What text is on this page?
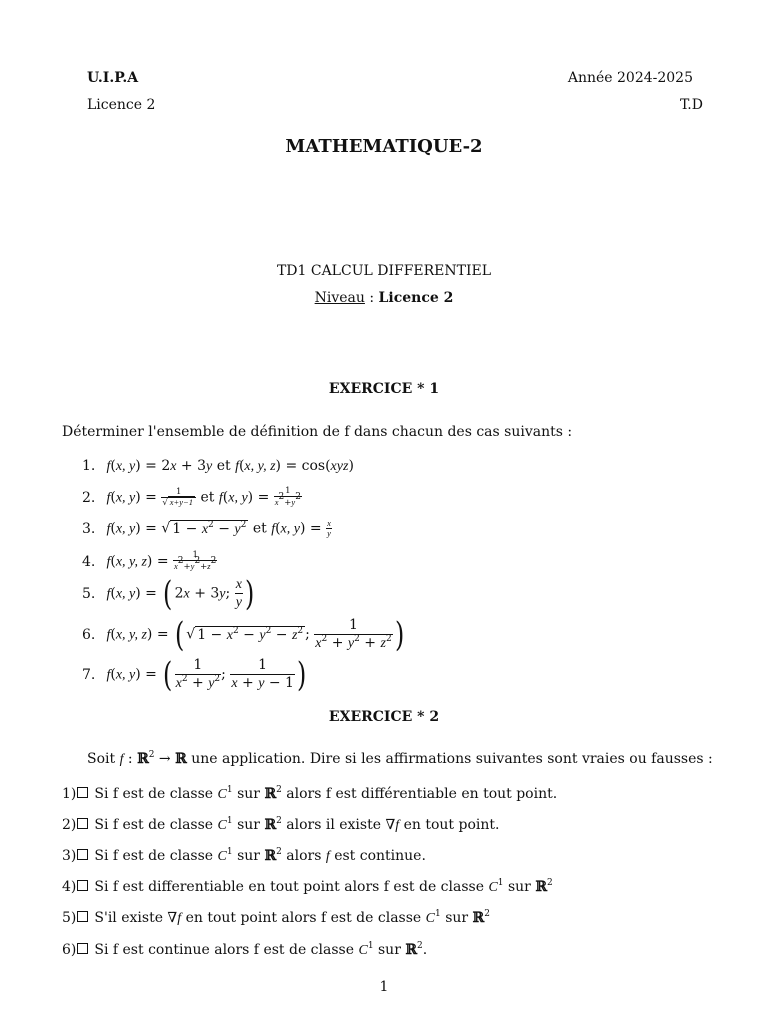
U.I.P.A	Année 2024-2025
Licence 2	T.D
MATHEMATIQUE-2
TD1 CALCUL DIFFERENTIEL
Niveau : Licence 2
EXERCICE * 1
Déterminer l'ensemble de définition de f dans chacun des cas suivants :
1. f(x, y) = 2x + 3y et f(x, y, z) = cos(xyz)
2. f(x, $y) = \frac{1}{√ x+y-1}$ et f(x, $y) = \frac{1}{x^2+y^2}$
3. f(x, y) = √ $1 - x^2 - y^2$ et f(x, $y) = \frac{x}{y}$
4. f(x, y, $z) = \frac{1}{x^2+y^2+z^2}$
5. f(x, y) = ( 2x + 3y; $\frac{x}{y}$ )
6. f(x, y, z) = ( √ $1 - x^2 - y^2 - z^2$ ; $\frac{1}{x^2 + y^2 + z^2}$ )
7. f(x, y) = ( $\frac{1}{x^2 + y^2}$ ; $\frac{1}{x + y - 1}$ )
EXERCICE * 2
Soit f : ℝ$^2$ → ℝ une application. Dire si les affirmations suivantes sont vraies ou fausses :
1) Si f est de classe $C^1$ sur ℝ$^2$ alors f est différentiable en tout point.
2) Si f est de classe $C^1$ sur ℝ$^2$ alors il existe ∇f en tout point.
3) Si f est de classe $C^1$ sur ℝ$^2$ alors f est continue.
4) Si f est differentiable en tout point alors f est de classe $C^1$ sur ℝ$^2$
5) S'il existe ∇f en tout point alors f est de classe $C^1$ sur ℝ$^2$
6) Si f est continue alors f est de classe $C^1$ sur ℝ$^2$.
1
